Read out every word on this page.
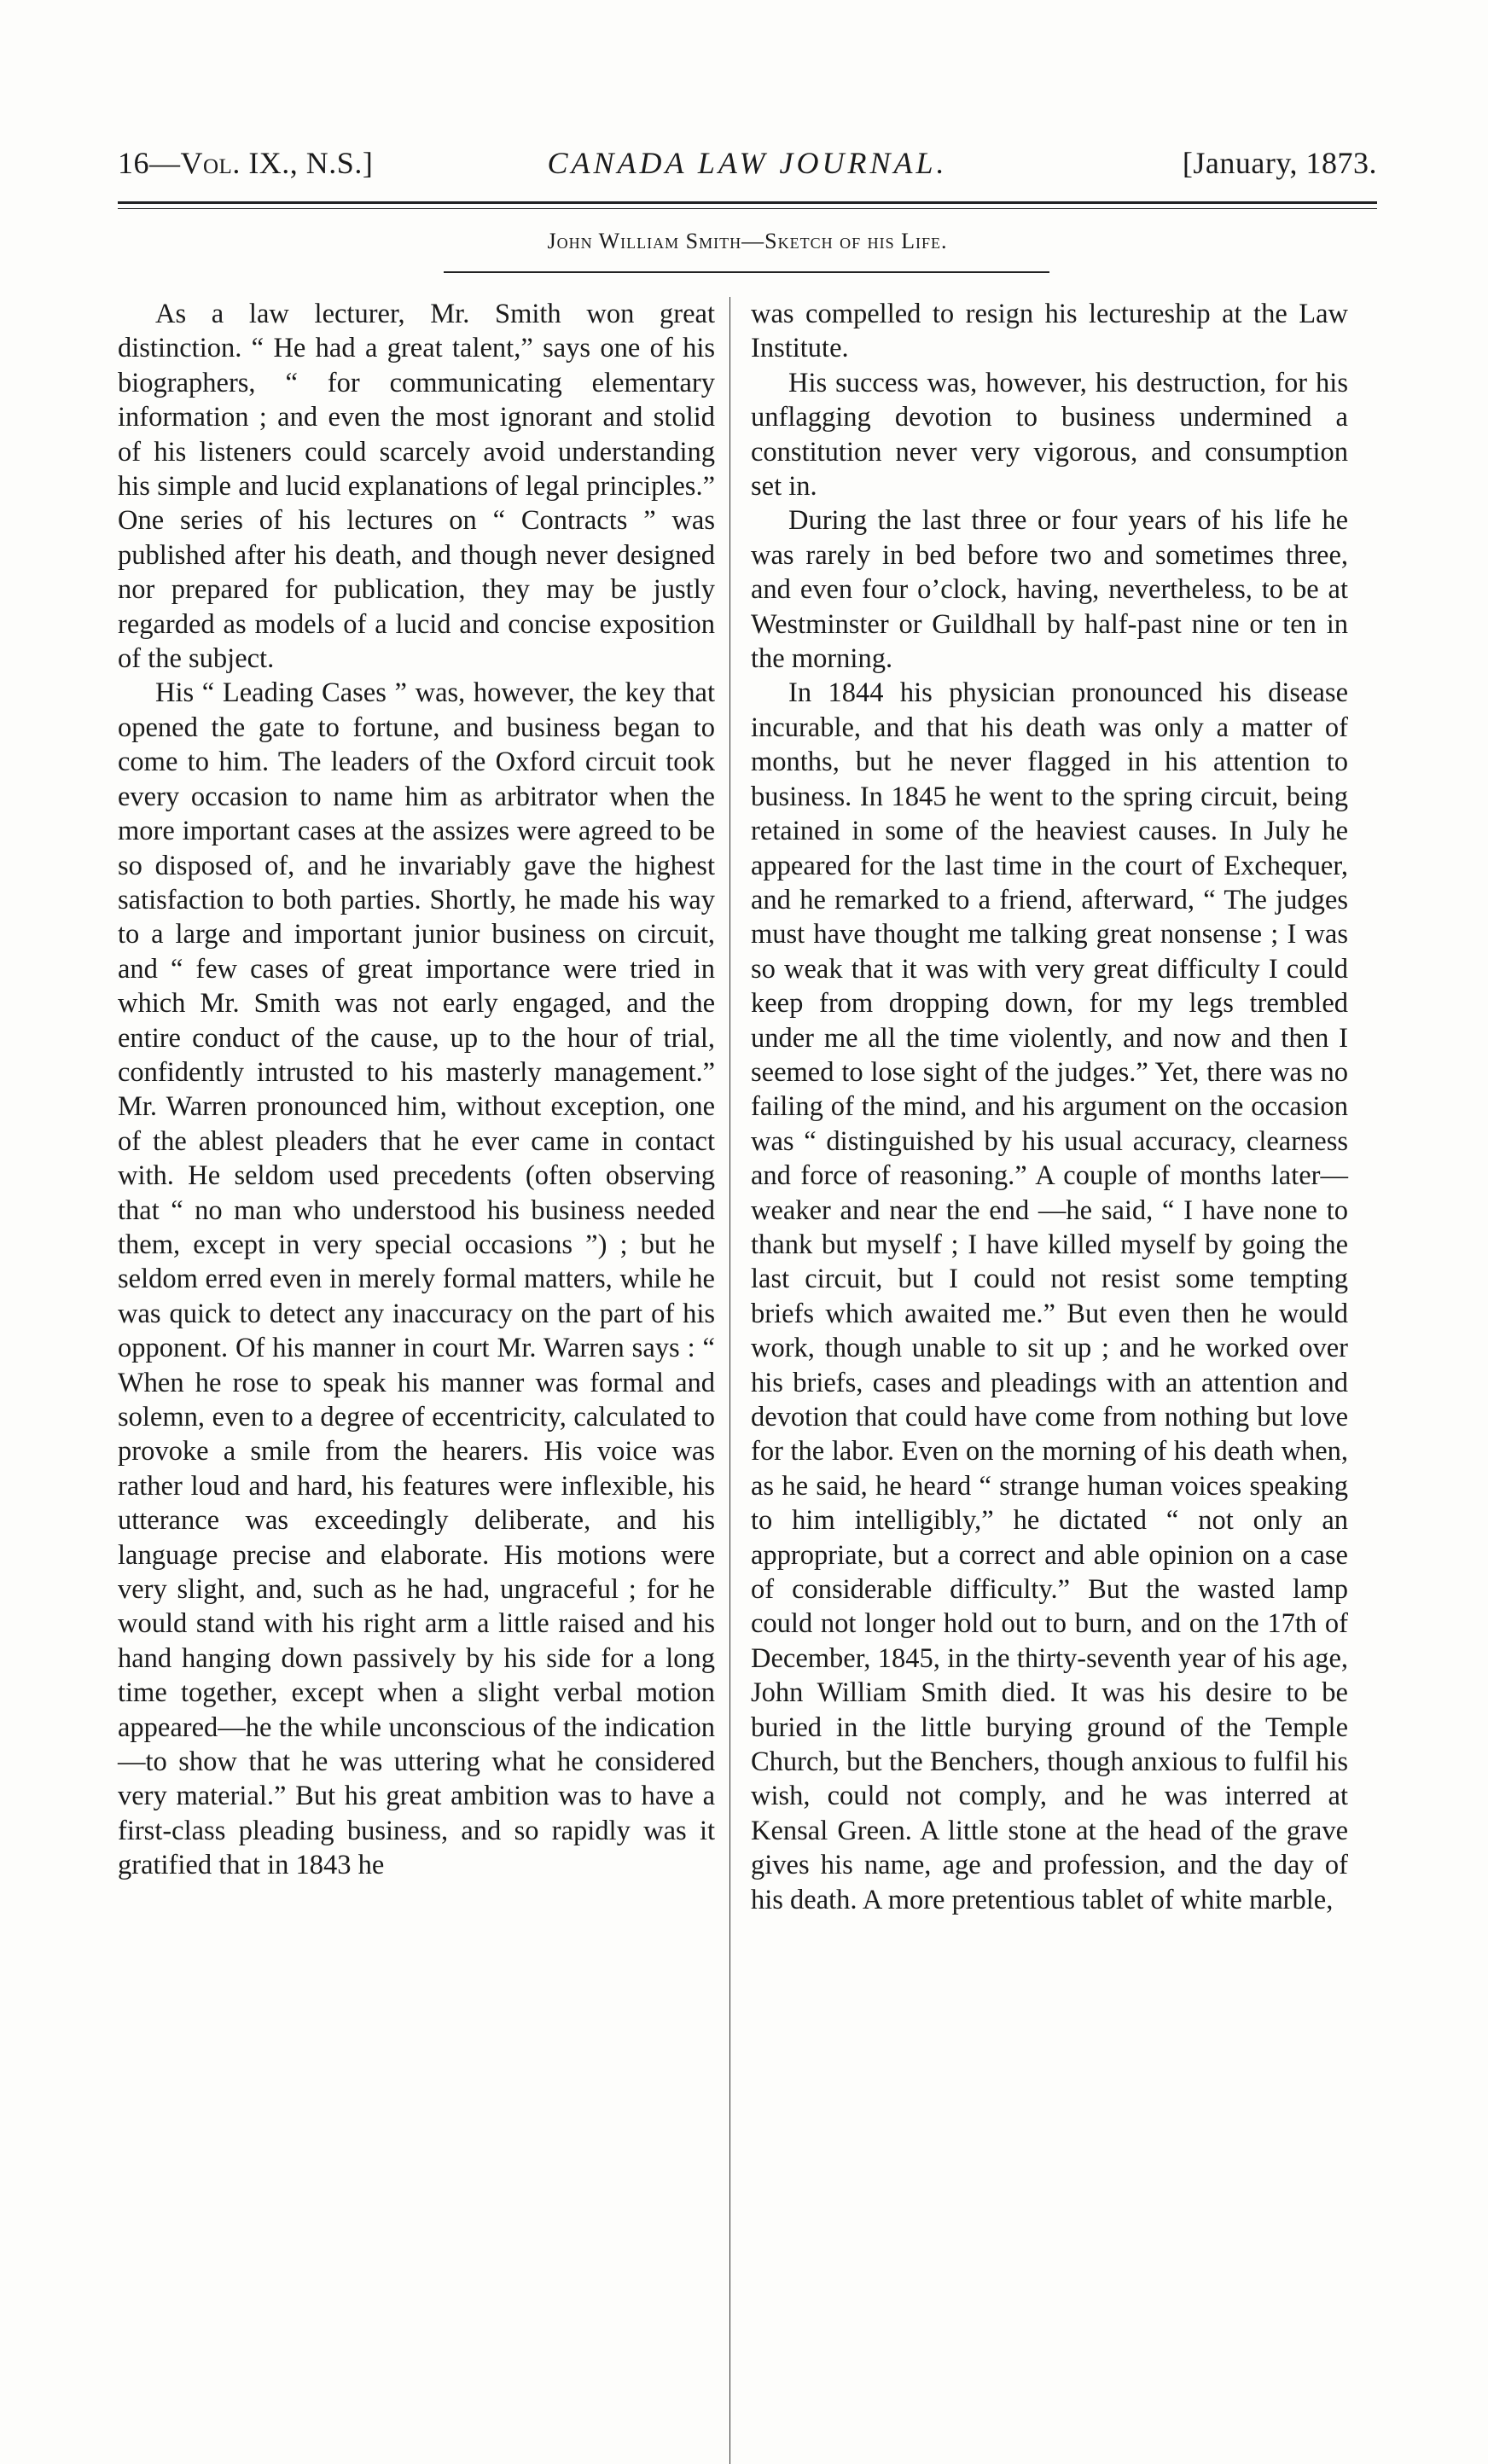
16—Vol. IX., N.S.]	CANADA LAW JOURNAL.	[January, 1873.
John William Smith—Sketch of his Life.

As a law lecturer, Mr. Smith won great distinction. “ He had a great talent,” says one of his biographers, “ for communicating elementary information ; and even the most ignorant and stolid of his listeners could scarcely avoid understanding his simple and lucid explanations of legal principles.” One series of his lectures on “ Contracts ” was published after his death, and though never designed nor prepared for publication, they may be justly regarded as models of a lucid and concise exposition of the subject.

His “ Leading Cases ” was, however, the key that opened the gate to fortune, and business began to come to him. The leaders of the Oxford circuit took every occasion to name him as arbitrator when the more important cases at the assizes were agreed to be so disposed of, and he invariably gave the highest satisfaction to both parties. Shortly, he made his way to a large and important junior business on circuit, and “ few cases of great importance were tried in which Mr. Smith was not early engaged, and the entire conduct of the cause, up to the hour of trial, confidently intrusted to his masterly management.” Mr. Warren pronounced him, without exception, one of the ablest pleaders that he ever came in contact with. He seldom used precedents (often observing that “ no man who understood his business needed them, except in very special occasions ”) ; but he seldom erred even in merely formal matters, while he was quick to detect any inaccuracy on the part of his opponent. Of his manner in court Mr. Warren says : “ When he rose to speak his manner was formal and solemn, even to a degree of eccentricity, calculated to provoke a smile from the hearers. His voice was rather loud and hard, his features were inflexible, his utterance was exceedingly deliberate, and his language precise and elaborate. His motions were very slight, and, such as he had, ungraceful ; for he would stand with his right arm a little raised and his hand hanging down passively by his side for a long time together, except when a slight verbal motion appeared—he the while unconscious of the indication—to show that he was uttering what he considered very material.” But his great ambition was to have a first-class pleading business, and so rapidly was it gratified that in 1843 he

was compelled to resign his lectureship at the Law Institute.

His success was, however, his destruction, for his unflagging devotion to business undermined a constitution never very vigorous, and consumption set in.

During the last three or four years of his life he was rarely in bed before two and sometimes three, and even four o’clock, having, nevertheless, to be at Westminster or Guildhall by half-past nine or ten in the morning.

In 1844 his physician pronounced his disease incurable, and that his death was only a matter of months, but he never flagged in his attention to business. In 1845 he went to the spring circuit, being retained in some of the heaviest causes. In July he appeared for the last time in the court of Exchequer, and he remarked to a friend, afterward, “ The judges must have thought me talking great nonsense ; I was so weak that it was with very great difficulty I could keep from dropping down, for my legs trembled under me all the time violently, and now and then I seemed to lose sight of the judges.” Yet, there was no failing of the mind, and his argument on the occasion was “ distinguished by his usual accuracy, clearness and force of reasoning.” A couple of months later—weaker and near the end —he said, “ I have none to thank but myself ; I have killed myself by going the last circuit, but I could not resist some tempting briefs which awaited me.” But even then he would work, though unable to sit up ; and he worked over his briefs, cases and pleadings with an attention and devotion that could have come from nothing but love for the labor. Even on the morning of his death when, as he said, he heard “ strange human voices speaking to him intelligibly,” he dictated “ not only an appropriate, but a correct and able opinion on a case of considerable difficulty.” But the wasted lamp could not longer hold out to burn, and on the 17th of December, 1845, in the thirty-seventh year of his age, John William Smith died. It was his desire to be buried in the little burying ground of the Temple Church, but the Benchers, though anxious to fulfil his wish, could not comply, and he was interred at Kensal Green. A little stone at the head of the grave gives his name, age and profession, and the day of his death. A more pretentious tablet of white marble,
